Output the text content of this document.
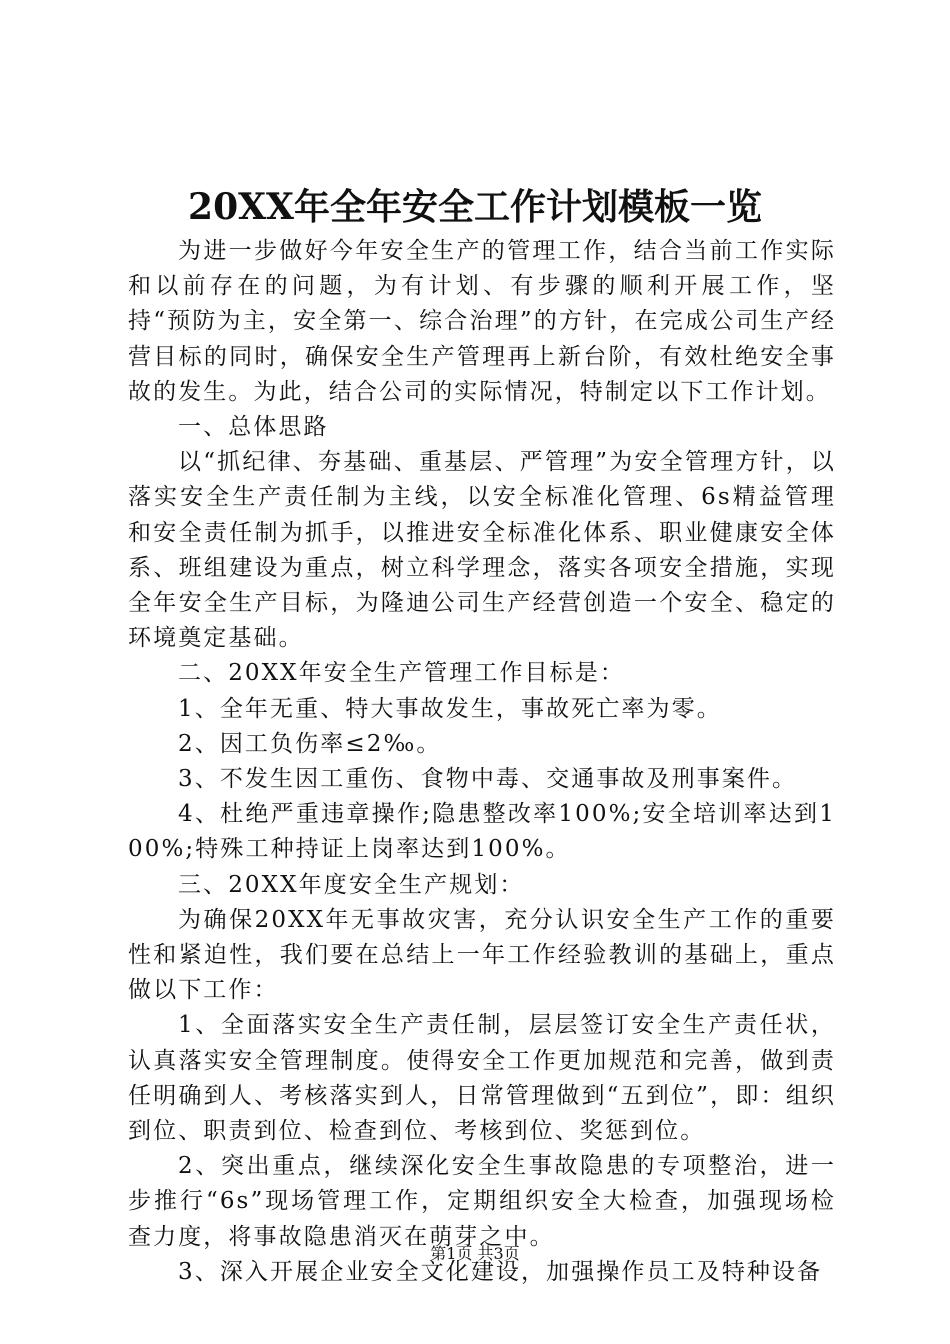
20XX年全年安全工作计划模板一览

为进一步做好今年安全生产的管理工作，结合当前工作实际和以前存在的问题，为有计划、有步骤的顺利开展工作，坚持“预防为主，安全第一、综合治理”的方针，在完成公司生产经营目标的同时，确保安全生产管理再上新台阶，有效杜绝安全事故的发生。为此，结合公司的实际情况，特制定以下工作计划。

一、总体思路

以“抓纪律、夯基础、重基层、严管理”为安全管理方针，以落实安全生产责任制为主线，以安全标准化管理、6s精益管理和安全责任制为抓手，以推进安全标准化体系、职业健康安全体系、班组建设为重点，树立科学理念，落实各项安全措施，实现全年安全生产目标，为隆迪公司生产经营创造一个安全、稳定的环境奠定基础。

二、20XX年安全生产管理工作目标是：

1、全年无重、特大事故发生，事故死亡率为零。

2、因工负伤率≤2‰。

3、不发生因工重伤、食物中毒、交通事故及刑事案件。

4、杜绝严重违章操作;隐患整改率100%;安全培训率达到100%;特殊工种持证上岗率达到100%。

三、20XX年度安全生产规划：

为确保20XX年无事故灾害，充分认识安全生产工作的重要性和紧迫性，我们要在总结上一年工作经验教训的基础上，重点做以下工作：

1、全面落实安全生产责任制，层层签订安全生产责任状，认真落实安全管理制度。使得安全工作更加规范和完善，做到责任明确到人、考核落实到人，日常管理做到“五到位”，即：组织到位、职责到位、检查到位、考核到位、奖惩到位。

2、突出重点，继续深化安全生事故隐患的专项整治，进一步推行“6s”现场管理工作，定期组织安全大检查，加强现场检查力度，将事故隐患消灭在萌芽之中。

3、深入开展企业安全文化建设，加强操作员工及特种设备

第1页 共3页
